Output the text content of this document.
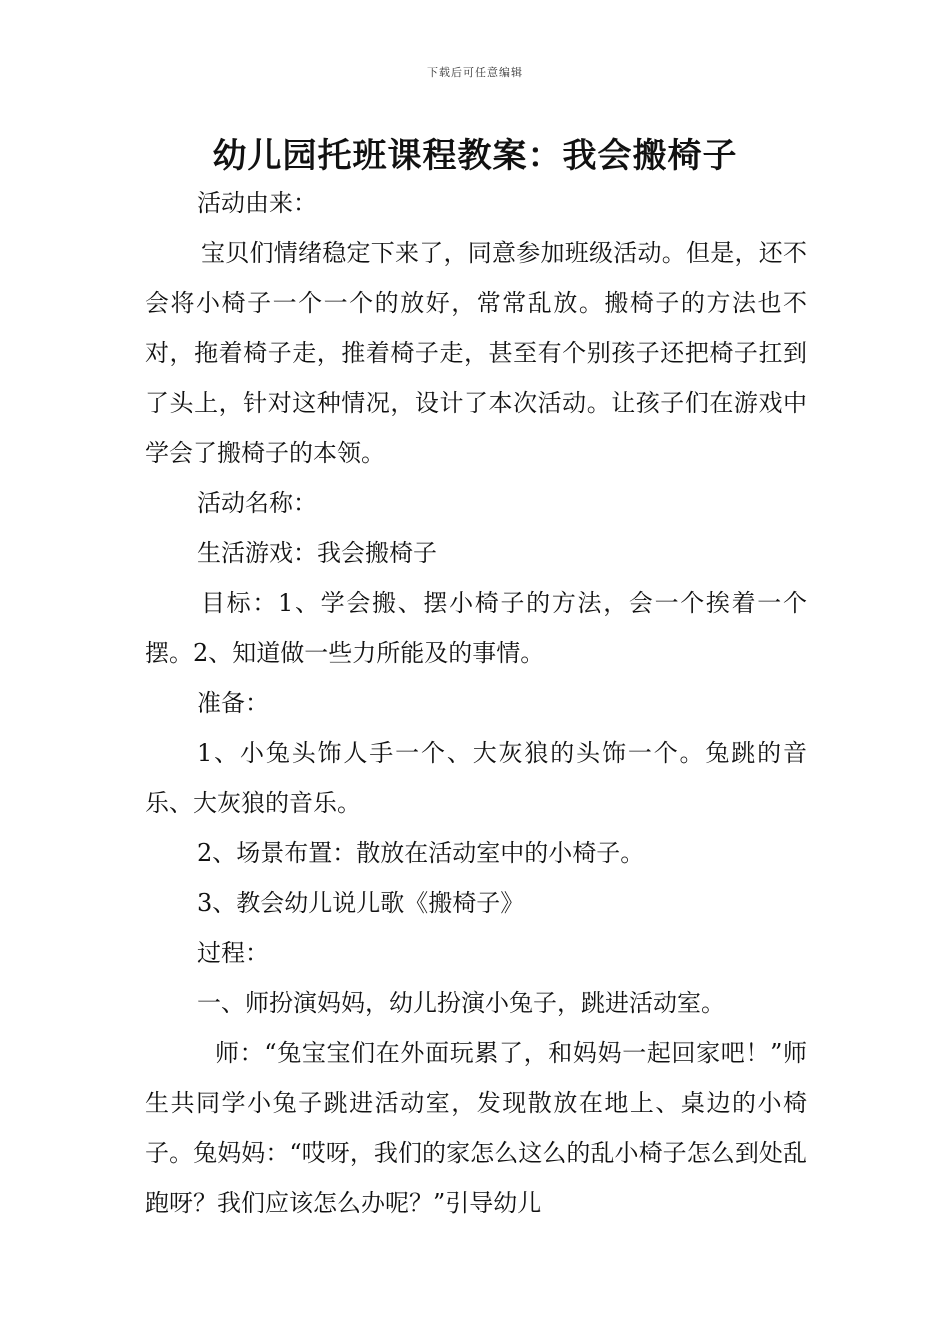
下载后可任意编辑
幼儿园托班课程教案：我会搬椅子

活动由来：

宝贝们情绪稳定下来了，同意参加班级活动。但是，还不会将小椅子一个一个的放好，常常乱放。搬椅子的方法也不对，拖着椅子走，推着椅子走，甚至有个别孩子还把椅子扛到了头上，针对这种情况，设计了本次活动。让孩子们在游戏中学会了搬椅子的本领。

活动名称：

生活游戏：我会搬椅子

目标：1、学会搬、摆小椅子的方法，会一个挨着一个摆。2、知道做一些力所能及的事情。

准备：

1、小兔头饰人手一个、大灰狼的头饰一个。兔跳的音乐、大灰狼的音乐。

2、场景布置：散放在活动室中的小椅子。

3、教会幼儿说儿歌《搬椅子》

过程：

一、师扮演妈妈，幼儿扮演小兔子，跳进活动室。

师：“兔宝宝们在外面玩累了，和妈妈一起回家吧！”师生共同学小兔子跳进活动室，发现散放在地上、桌边的小椅子。兔妈妈：“哎呀，我们的家怎么这么的乱小椅子怎么到处乱跑呀？我们应该怎么办呢？”引导幼儿
